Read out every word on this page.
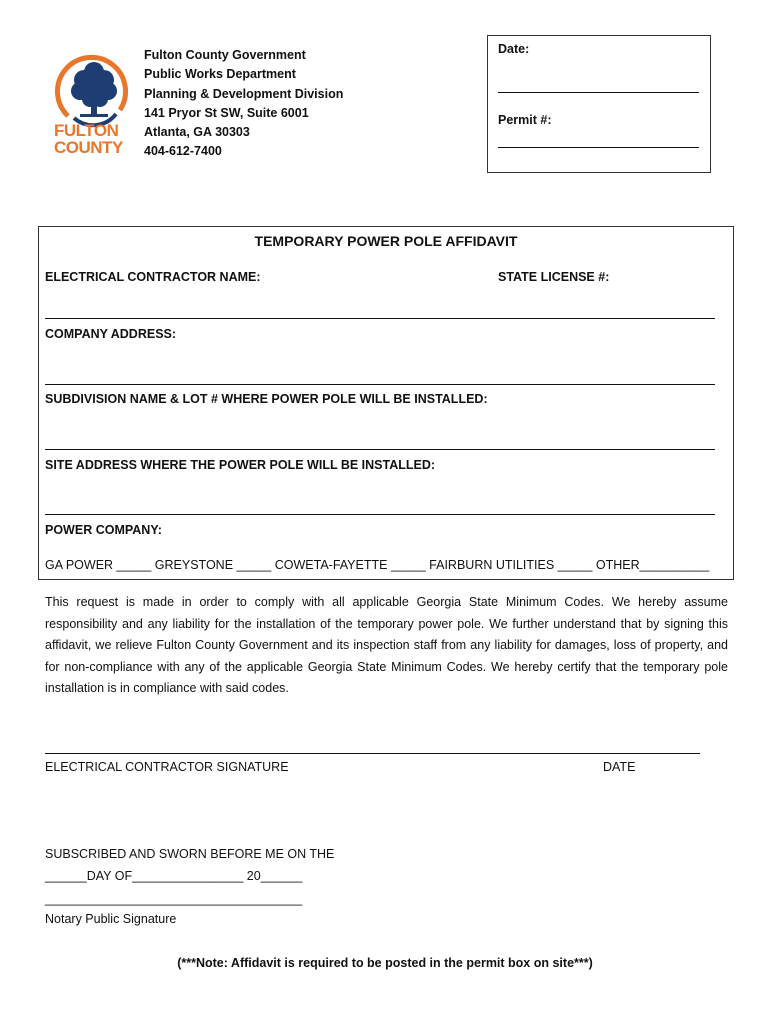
FULTON
COUNTY
Fulton County Government
Public Works Department
Planning & Development Division
141 Pryor St SW, Suite 6001
Atlanta, GA 30303
404-612-7400
Date:
Permit #:
TEMPORARY POWER POLE AFFIDAVIT
ELECTRICAL CONTRACTOR NAME:	STATE LICENSE #:
COMPANY ADDRESS:
SUBDIVISION NAME & LOT # WHERE POWER POLE WILL BE INSTALLED:
SITE ADDRESS WHERE THE POWER POLE WILL BE INSTALLED:
POWER COMPANY:
GA POWER _____ GREYSTONE _____ COWETA-FAYETTE _____ FAIRBURN UTILITIES _____ OTHER__________
This request is made in order to comply with all applicable Georgia State Minimum Codes. We hereby assume responsibility and any liability for the installation of the temporary power pole. We further understand that by signing this affidavit, we relieve Fulton County Government and its inspection staff from any liability for damages, loss of property, and for non-compliance with any of the applicable Georgia State Minimum Codes. We hereby certify that the temporary pole installation is in compliance with said codes.
ELECTRICAL CONTRACTOR SIGNATURE	DATE
SUBSCRIBED AND SWORN BEFORE ME ON THE
______DAY OF________________ 20______
_____________________________________
Notary Public Signature
(***Note: Affidavit is required to be posted in the permit box on site***)
